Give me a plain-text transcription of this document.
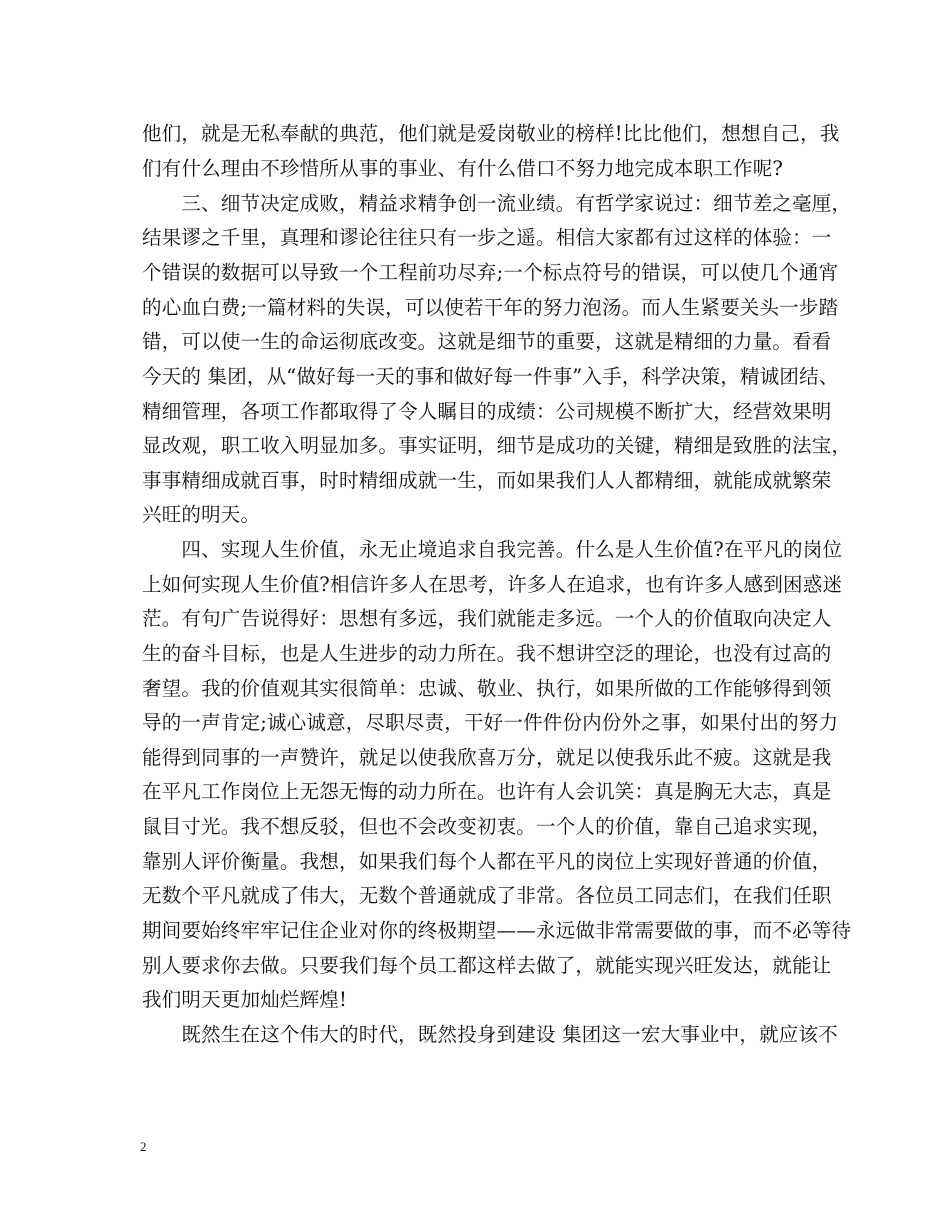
他们，就是无私奉献的典范，他们就是爱岗敬业的榜样!比比他们，想想自己，我
们有什么理由不珍惜所从事的事业、有什么借口不努力地完成本职工作呢?
　　三、细节决定成败，精益求精争创一流业绩。有哲学家说过：细节差之毫厘，
结果谬之千里，真理和谬论往往只有一步之遥。相信大家都有过这样的体验：一
个错误的数据可以导致一个工程前功尽弃;一个标点符号的错误，可以使几个通宵
的心血白费;一篇材料的失误，可以使若干年的努力泡汤。而人生紧要关头一步踏
错，可以使一生的命运彻底改变。这就是细节的重要，这就是精细的力量。看看
今天的 集团，从“做好每一天的事和做好每一件事”入手，科学决策，精诚团结、
精细管理，各项工作都取得了令人瞩目的成绩：公司规模不断扩大，经营效果明
显改观，职工收入明显加多。事实证明，细节是成功的关键，精细是致胜的法宝，
事事精细成就百事，时时精细成就一生，而如果我们人人都精细，就能成就繁荣
兴旺的明天。
　　四、实现人生价值，永无止境追求自我完善。什么是人生价值?在平凡的岗位
上如何实现人生价值?相信许多人在思考，许多人在追求，也有许多人感到困惑迷
茫。有句广告说得好：思想有多远，我们就能走多远。一个人的价值取向决定人
生的奋斗目标，也是人生进步的动力所在。我不想讲空泛的理论，也没有过高的
奢望。我的价值观其实很简单：忠诚、敬业、执行，如果所做的工作能够得到领
导的一声肯定;诚心诚意，尽职尽责，干好一件件份内份外之事，如果付出的努力
能得到同事的一声赞许，就足以使我欣喜万分，就足以使我乐此不疲。这就是我
在平凡工作岗位上无怨无悔的动力所在。也许有人会讥笑：真是胸无大志，真是
鼠目寸光。我不想反驳，但也不会改变初衷。一个人的价值，靠自己追求实现，
靠别人评价衡量。我想，如果我们每个人都在平凡的岗位上实现好普通的价值，
无数个平凡就成了伟大，无数个普通就成了非常。各位员工同志们，在我们任职
期间要始终牢牢记住企业对你的终极期望——永远做非常需要做的事，而不必等待
别人要求你去做。只要我们每个员工都这样去做了，就能实现兴旺发达，就能让
我们明天更加灿烂辉煌!
　　既然生在这个伟大的时代，既然投身到建设 集团这一宏大事业中，就应该不
2
